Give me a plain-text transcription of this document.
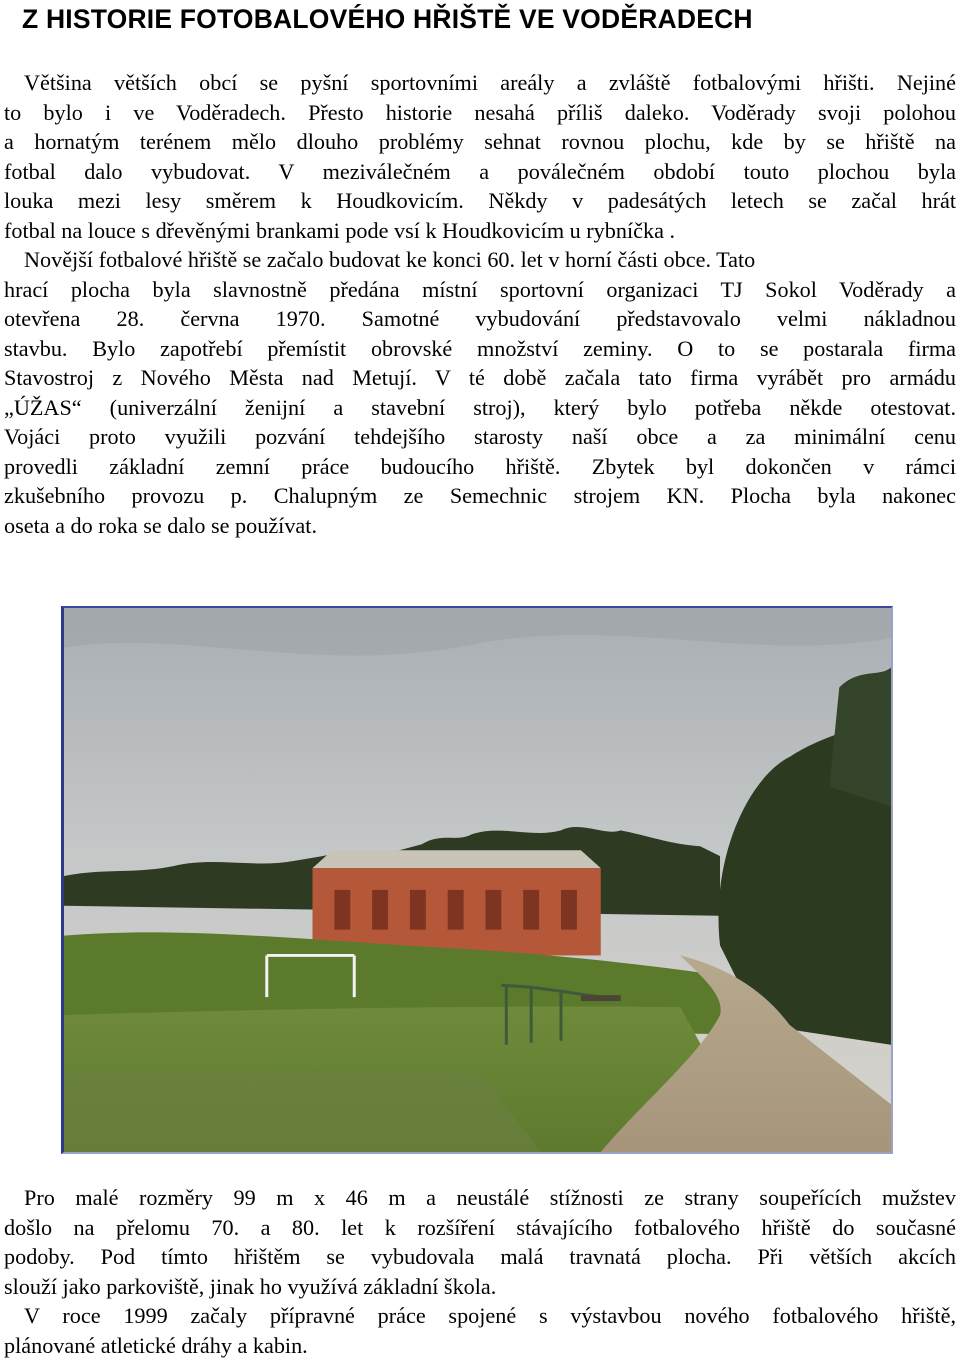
Z HISTORIE FOTOBALOVÉHO HŘIŠTĚ VE VODĚRADECH
Většina větších obcí se pyšní sportovními areály a zvláště fotbalovými hřišti. Nejiné
to bylo i ve Voděradech. Přesto historie nesahá příliš daleko. Voděrady svoji polohou
a hornatým terénem mělo dlouho problémy sehnat rovnou plochu, kde by se hřiště na
fotbal dalo vybudovat. V meziválečném a poválečném období touto plochou byla
louka mezi lesy směrem k Houdkovicím. Někdy v padesátých letech se začal hrát
fotbal na louce s dřevěnými brankami pode vsí k Houdkovicím u rybníčka .
Novější fotbalové hřiště se začalo budovat ke konci 60. let v horní části obce. Tato
hrací plocha byla slavnostně předána místní sportovní organizaci TJ Sokol Voděrady a
otevřena 28. června 1970. Samotné vybudování představovalo velmi nákladnou
stavbu. Bylo zapotřebí přemístit obrovské množství zeminy. O to se postarala firma
Stavostroj z Nového Města nad Metují. V té době začala tato firma vyrábět pro armádu
„ÚŽAS“ (univerzální ženijní a stavební stroj), který bylo potřeba někde otestovat.
Vojáci proto využili pozvání tehdejšího starosty naší obce a za minimální cenu
provedli základní zemní práce budoucího hřiště. Zbytek byl dokončen v rámci
zkušebního provozu p. Chalupným ze Semechnic strojem KN. Plocha byla nakonec
oseta a do roka se dalo se používat.
Pro malé rozměry 99 m x 46 m a neustálé stížnosti ze strany soupeřících mužstev
došlo na přelomu 70. a 80. let k rozšíření stávajícího fotbalového hřiště do současné
podoby. Pod tímto hřištěm se vybudovala malá travnatá plocha. Při větších akcích
slouží jako parkoviště, jinak ho využívá základní škola.
V roce 1999 začaly přípravné práce spojené s výstavbou nového fotbalového hřiště,
plánované atletické dráhy a kabin.
